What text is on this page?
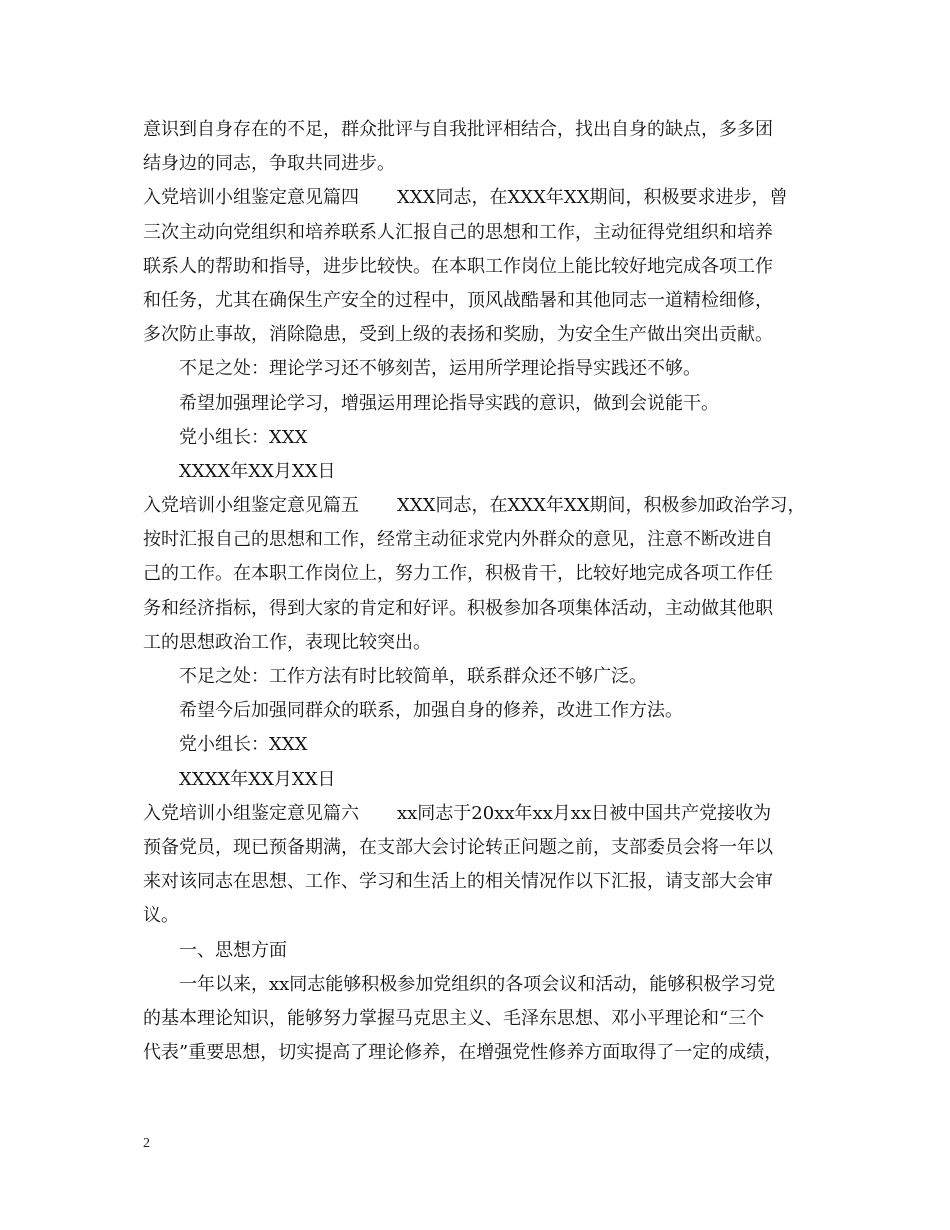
意识到自身存在的不足，群众批评与自我批评相结合，找出自身的缺点，多多团
结身边的同志，争取共同进步。
入党培训小组鉴定意见篇四 XXX同志，在XXX年XX期间，积极要求进步，曾
三次主动向党组织和培养联系人汇报自己的思想和工作，主动征得党组织和培养
联系人的帮助和指导，进步比较快。在本职工作岗位上能比较好地完成各项工作
和任务，尤其在确保生产安全的过程中，顶风战酷暑和其他同志一道精检细修，
多次防止事故，消除隐患，受到上级的表扬和奖励，为安全生产做出突出贡献。
不足之处：理论学习还不够刻苦，运用所学理论指导实践还不够。
希望加强理论学习，增强运用理论指导实践的意识，做到会说能干。
党小组长：XXX
XXXX年XX月XX日
入党培训小组鉴定意见篇五 XXX同志，在XXX年XX期间，积极参加政治学习，
按时汇报自己的思想和工作，经常主动征求党内外群众的意见，注意不断改进自
己的工作。在本职工作岗位上，努力工作，积极肯干，比较好地完成各项工作任
务和经济指标，得到大家的肯定和好评。积极参加各项集体活动，主动做其他职
工的思想政治工作，表现比较突出。
不足之处：工作方法有时比较简单，联系群众还不够广泛。
希望今后加强同群众的联系，加强自身的修养，改进工作方法。
党小组长：XXX
XXXX年XX月XX日
入党培训小组鉴定意见篇六 xx同志于20xx年xx月xx日被中国共产党接收为
预备党员，现已预备期满，在支部大会讨论转正问题之前，支部委员会将一年以
来对该同志在思想、工作、学习和生活上的相关情况作以下汇报，请支部大会审
议。
一、思想方面
一年以来，xx同志能够积极参加党组织的各项会议和活动，能够积极学习党
的基本理论知识，能够努力掌握马克思主义、毛泽东思想、邓小平理论和“三个
代表”重要思想，切实提高了理论修养，在增强党性修养方面取得了一定的成绩，
2
